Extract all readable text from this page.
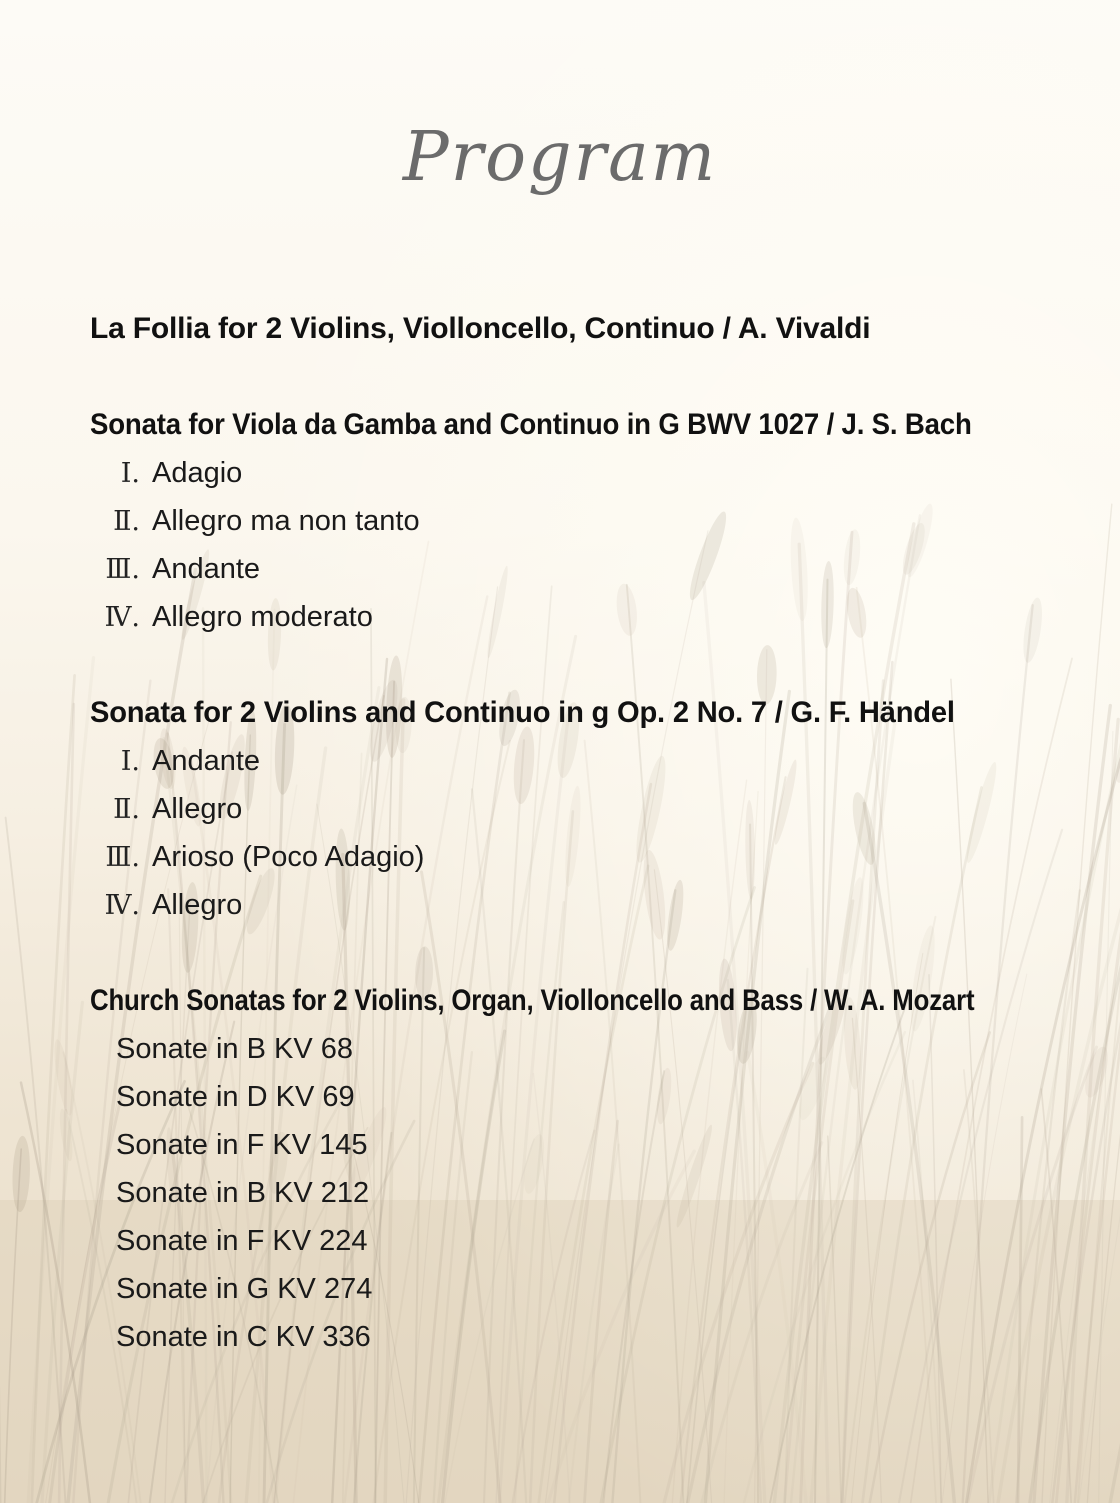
Program
La Follia for 2 Violins, Violloncello, Continuo / A. Vivaldi
Sonata for Viola da Gamba and Continuo in G BWV 1027 / J. S. Bach
Ⅰ. Adagio
Ⅱ. Allegro ma non tanto
Ⅲ. Andante
Ⅳ. Allegro moderato
Sonata for 2 Violins and Continuo in g Op. 2 No. 7 / G. F. Händel
Ⅰ. Andante
Ⅱ. Allegro
Ⅲ. Arioso (Poco Adagio)
Ⅳ. Allegro
Church Sonatas for 2 Violins, Organ, Violloncello and Bass / W. A. Mozart
Sonate in B KV 68
Sonate in D KV 69
Sonate in F KV 145
Sonate in B KV 212
Sonate in F KV 224
Sonate in G KV 274
Sonate in C KV 336
